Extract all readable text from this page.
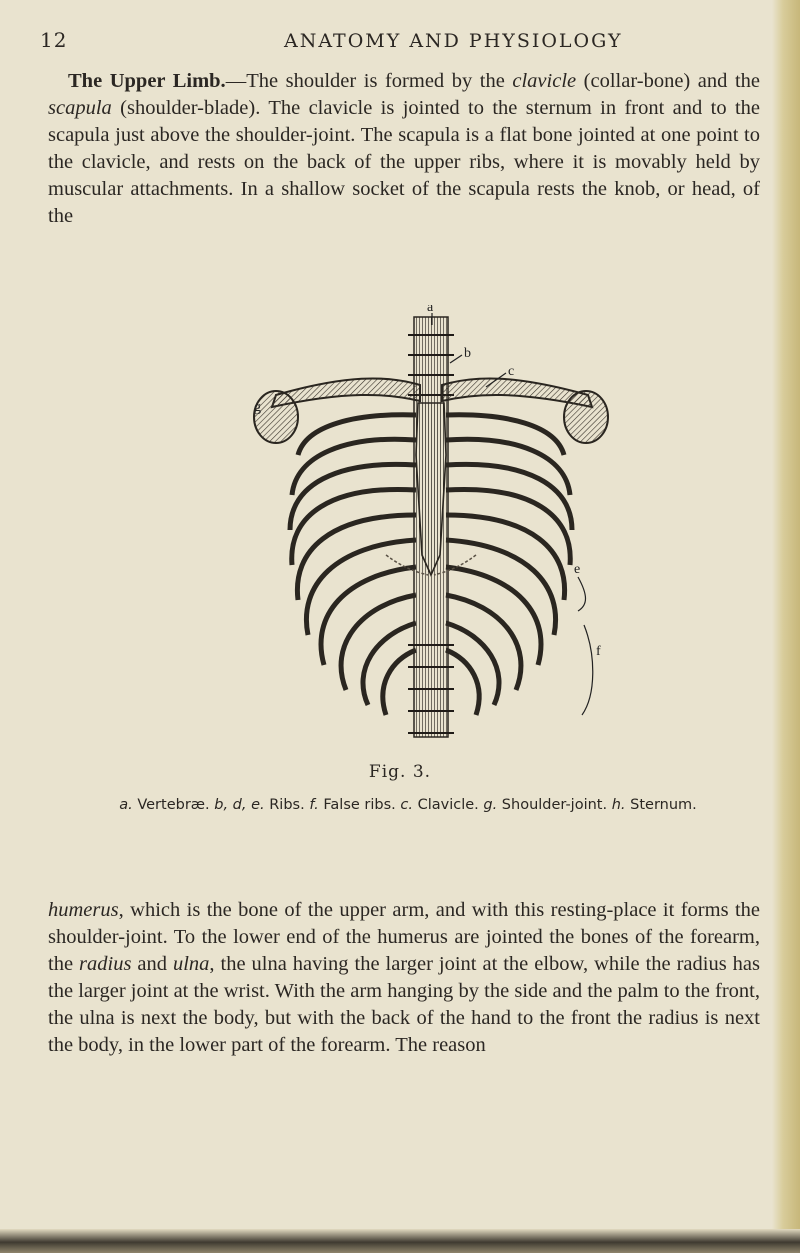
12	ANATOMY AND PHYSIOLOGY

The Upper Limb.—The shoulder is formed by the clavicle (collar-bone) and the scapula (shoulder-blade). The clavicle is jointed to the sternum in front and to the scapula just above the shoulder-joint. The scapula is a flat bone jointed at one point to the clavicle, and rests on the back of the upper ribs, where it is movably held by muscular attachments. In a shallow socket of the scapula rests the knob, or head, of the

a
b
c
g
e
f
Fig. 3.
a. Vertebræ. b, d, e. Ribs. f. False ribs. c. Clavicle. g. Shoulder-joint. h. Sternum.

humerus, which is the bone of the upper arm, and with this resting-place it forms the shoulder-joint. To the lower end of the humerus are jointed the bones of the forearm, the radius and ulna, the ulna having the larger joint at the elbow, while the radius has the larger joint at the wrist. With the arm hanging by the side and the palm to the front, the ulna is next the body, but with the back of the hand to the front the radius is next the body, in the lower part of the forearm. The reason
